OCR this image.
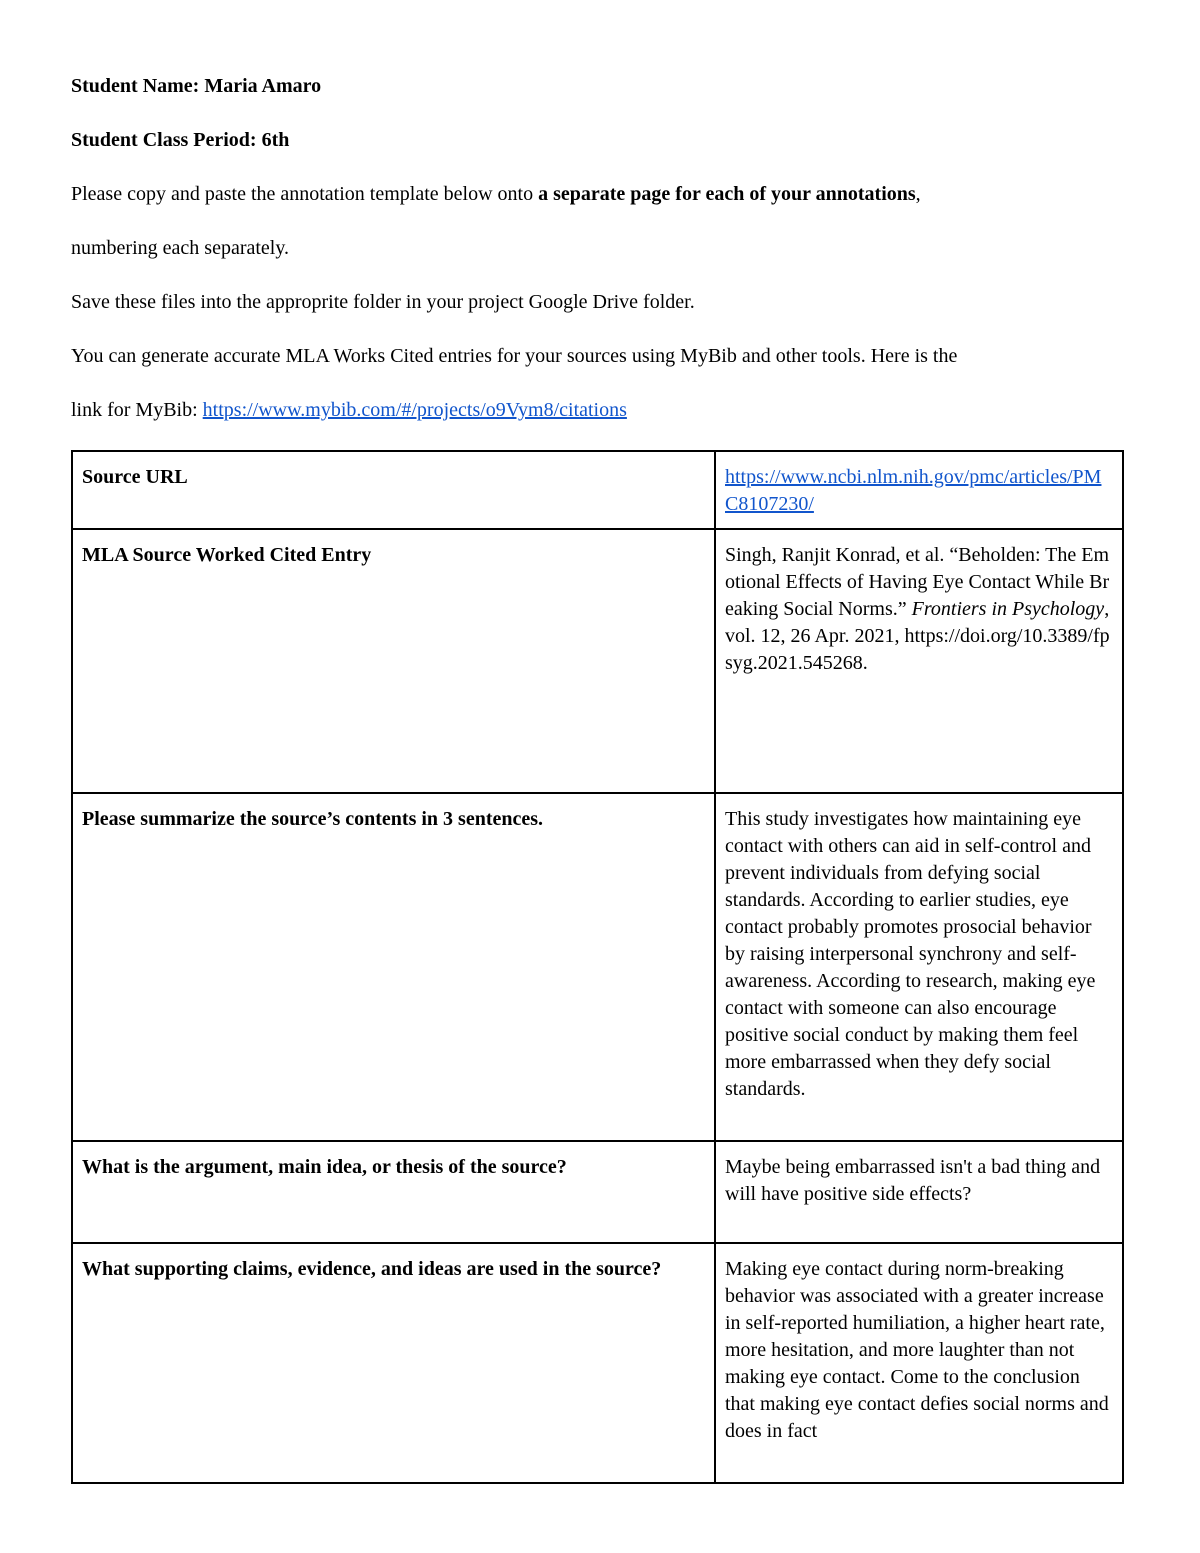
Student Name: Maria Amaro
Student Class Period: 6th
Please copy and paste the annotation template below onto a separate page for each of your annotations,
numbering each separately.
Save these files into the approprite folder in your project Google Drive folder.
You can generate accurate MLA Works Cited entries for your sources using MyBib and other tools. Here is the
link for MyBib: https://www.mybib.com/#/projects/o9Vym8/citations
Source URL	https://www.ncbi.nlm.nih.gov/pmc/articles/PMC8107230/
MLA Source Worked Cited Entry	Singh, Ranjit Konrad, et al. “Beholden: The Emotional Effects of Having Eye Contact While Breaking Social Norms.” Frontiers in Psychology, vol. 12, 26 Apr. 2021, https://doi.org/10.3389/fpsyg.2021.545268.

Please summarize the source’s contents in 3 sentences.	This study investigates how maintaining eye contact with others can aid in self-control and prevent individuals from defying social standards. According to earlier studies, eye contact probably promotes prosocial behavior by raising interpersonal synchrony and self-awareness. According to research, making eye contact with someone can also encourage positive social conduct by making them feel more embarrassed when they defy social standards.
What is the argument, main idea, or thesis of the source?	Maybe being embarrassed isn't a bad thing and will have positive side effects?
What supporting claims, evidence, and ideas are used in the source?	Making eye contact during norm-breaking behavior was associated with a greater increase in self-reported humiliation, a higher heart rate, more hesitation, and more laughter than not making eye contact. Come to the conclusion that making eye contact defies social norms and does in fact
